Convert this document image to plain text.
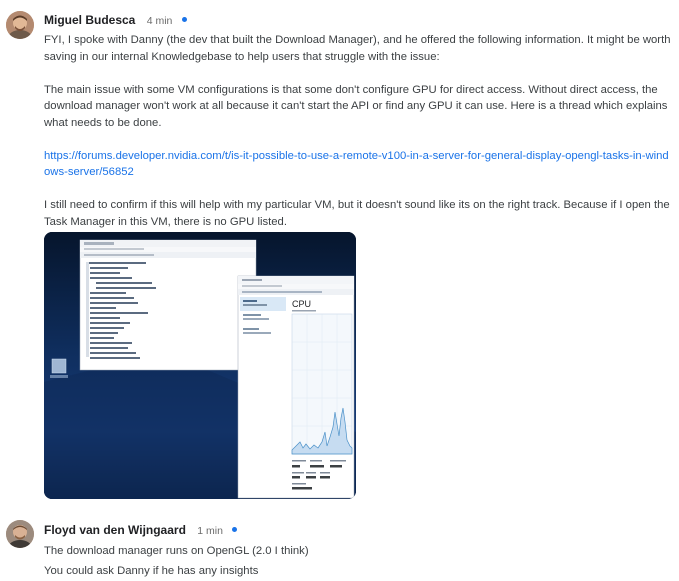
Miguel Budesca 4 min
FYI, I spoke with Danny (the dev that built the Download Manager), and he offered the following information. It might be worth saving in our internal Knowledgebase to help users that struggle with the issue:
The main issue with some VM configurations is that some don't configure GPU for direct access. Without direct access, the download manager won't work at all because it can't start the API or find any GPU it can use. Here is a thread which explains what needs to be done.
https://forums.developer.nvidia.com/t/is-it-possible-to-use-a-remote-v100-in-a-server-for-general-display-opengl-tasks-in-windows-server/56852
I still need to confirm if this will help with my particular VM, but it doesn't sound like its on the right track. Because if I open the Task Manager in this VM, there is no GPU listed.
CPU
Floyd van den Wijngaard 1 min
The download manager runs on OpenGL (2.0 I think)
You could ask Danny if he has any insights
